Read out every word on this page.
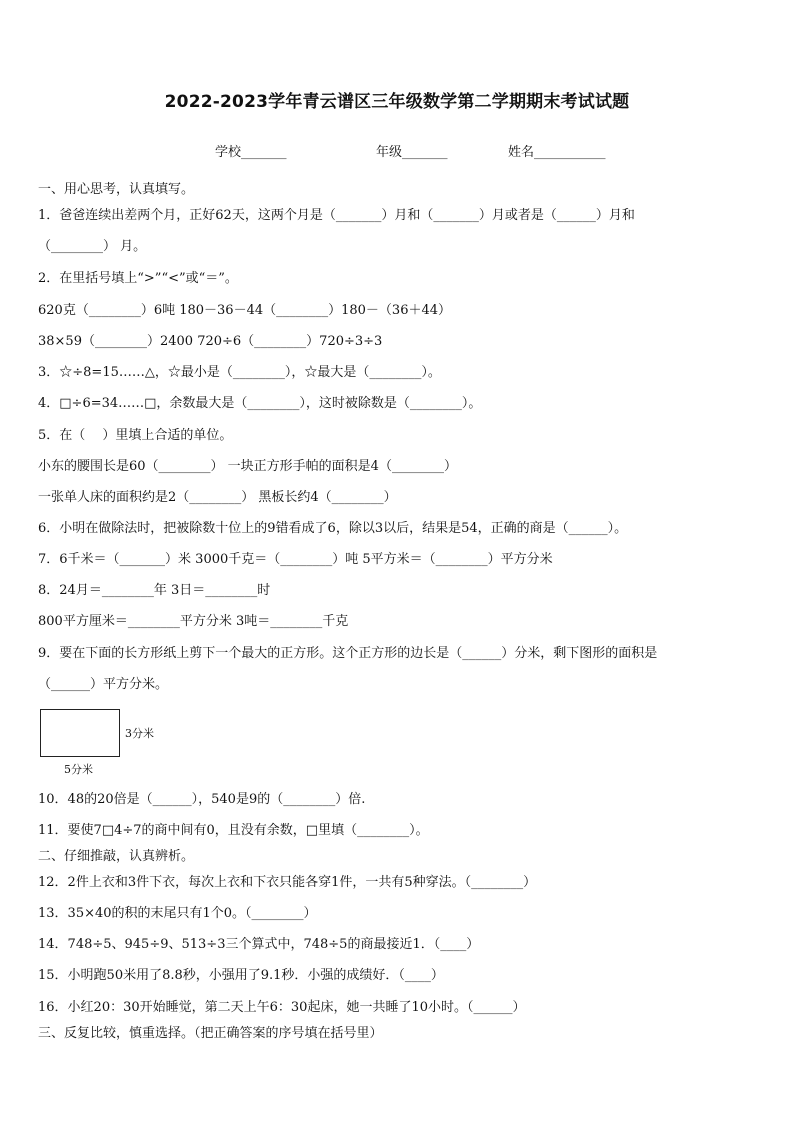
2022-2023学年青云谱区三年级数学第二学期期末考试试题
学校_______	年级_______	姓名___________
一、用心思考，认真填写。
1．爸爸连续出差两个月，正好62天，这两个月是（_______）月和（_______）月或者是（______）月和
（________） 月。
2．在里括号填上“>”“<”或“＝”。
620克（________）6吨 180－36－44（________）180－（36＋44）
38×59（________）2400 720÷6（________）720÷3÷3
3．☆÷8=15……△，☆最小是（________），☆最大是（________）。
4．□÷6=34……□，余数最大是（________），这时被除数是（________）。
5．在（　 ）里填上合适的单位。
小东的腰围长是60（________） 一块正方形手帕的面积是4（________）
一张单人床的面积约是2（________） 黑板长约4（________）
6．小明在做除法时，把被除数十位上的9错看成了6，除以3以后，结果是54，正确的商是（______）。
7．6千米＝（_______）米 3000千克＝（________）吨 5平方米＝（________）平方分米
8．24月＝________年 3日＝________时
800平方厘米＝________平方分米 3吨＝________千克
9．要在下面的长方形纸上剪下一个最大的正方形。这个正方形的边长是（______）分米，剩下图形的面积是
（______）平方分米。
3分米
5分米
10．48的20倍是（______），540是9的（________）倍.
11．要使7□4÷7的商中间有0，且没有余数，□里填（________）。
二、仔细推敲，认真辨析。
12．2件上衣和3件下衣，每次上衣和下衣只能各穿1件，一共有5种穿法。（________）
13．35×40的积的末尾只有1个0。（________）
14．748÷5、945÷9、513÷3三个算式中，748÷5的商最接近1．（____）
15．小明跑50米用了8.8秒，小强用了9.1秒．小强的成绩好．（____）
16．小红20：30开始睡觉，第二天上午6：30起床，她一共睡了10小时。（______）
三、反复比较，慎重选择。（把正确答案的序号填在括号里）
